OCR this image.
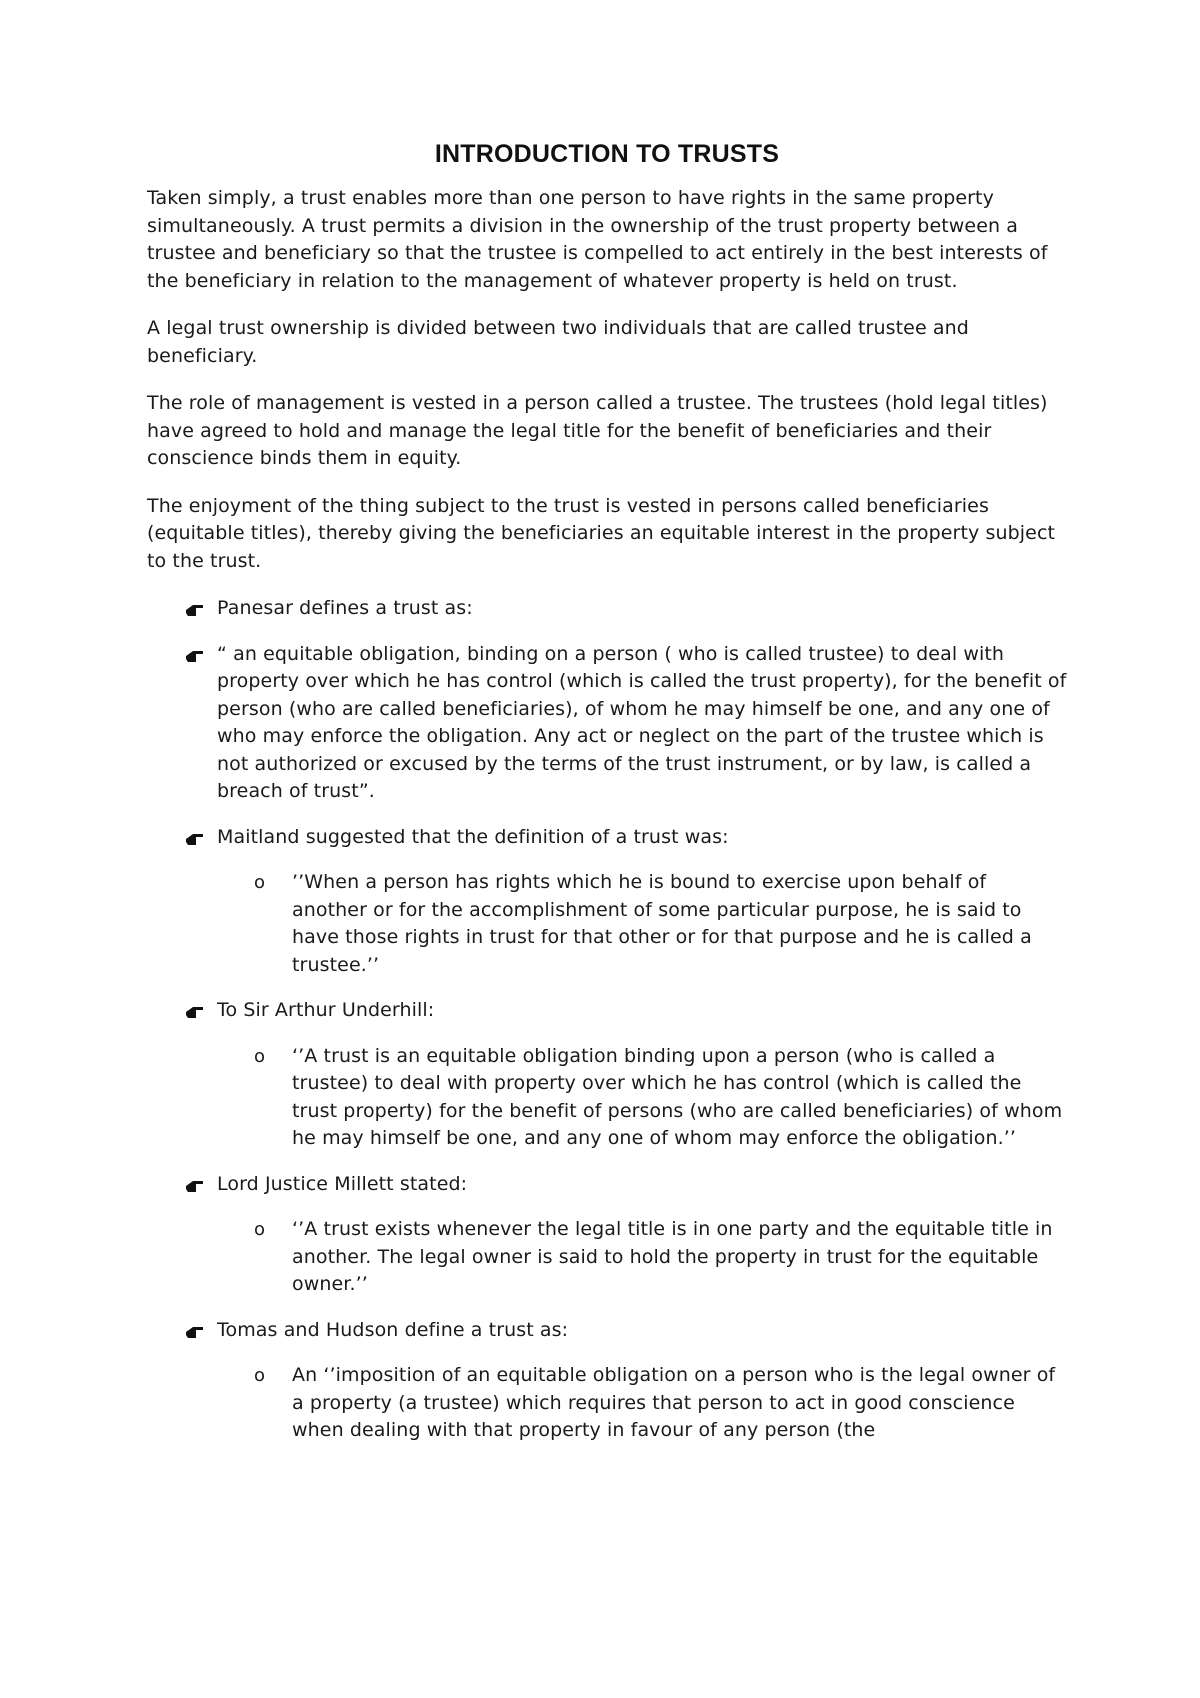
INTRODUCTION TO TRUSTS

Taken simply, a trust enables more than one person to have rights in the same property simultaneously. A trust permits a division in the ownership of the trust property between a trustee and beneficiary so that the trustee is compelled to act entirely in the best interests of the beneficiary in relation to the management of whatever property is held on trust.

A legal trust ownership is divided between two individuals that are called trustee and beneficiary.

The role of management is vested in a person called a trustee. The trustees (hold legal titles) have agreed to hold and manage the legal title for the benefit of beneficiaries and their conscience binds them in equity.

The enjoyment of the thing subject to the trust is vested in persons called beneficiaries (equitable titles), thereby giving the beneficiaries an equitable interest in the property subject to the trust.

Panesar defines a trust as:
“ an equitable obligation, binding on a person ( who is called trustee) to deal with property over which he has control (which is called the trust property), for the benefit of person (who are called beneficiaries), of whom he may himself be one, and any one of who may enforce the obligation. Any act or neglect on the part of the trustee which is not authorized or excused by the terms of the trust instrument, or by law, is called a breach of trust”.
Maitland suggested that the definition of a trust was:
o ’’When a person has rights which he is bound to exercise upon behalf of another or for the accomplishment of some particular purpose, he is said to have those rights in trust for that other or for that purpose and he is called a trustee.’’
To Sir Arthur Underhill:
o ‘’A trust is an equitable obligation binding upon a person (who is called a trustee) to deal with property over which he has control (which is called the trust property) for the benefit of persons (who are called beneficiaries) of whom he may himself be one, and any one of whom may enforce the obligation.’’
Lord Justice Millett stated:
o ‘’A trust exists whenever the legal title is in one party and the equitable title in another. The legal owner is said to hold the property in trust for the equitable owner.’’
Tomas and Hudson define a trust as:
o An ‘’imposition of an equitable obligation on a person who is the legal owner of a property (a trustee) which requires that person to act in good conscience when dealing with that property in favour of any person (the
